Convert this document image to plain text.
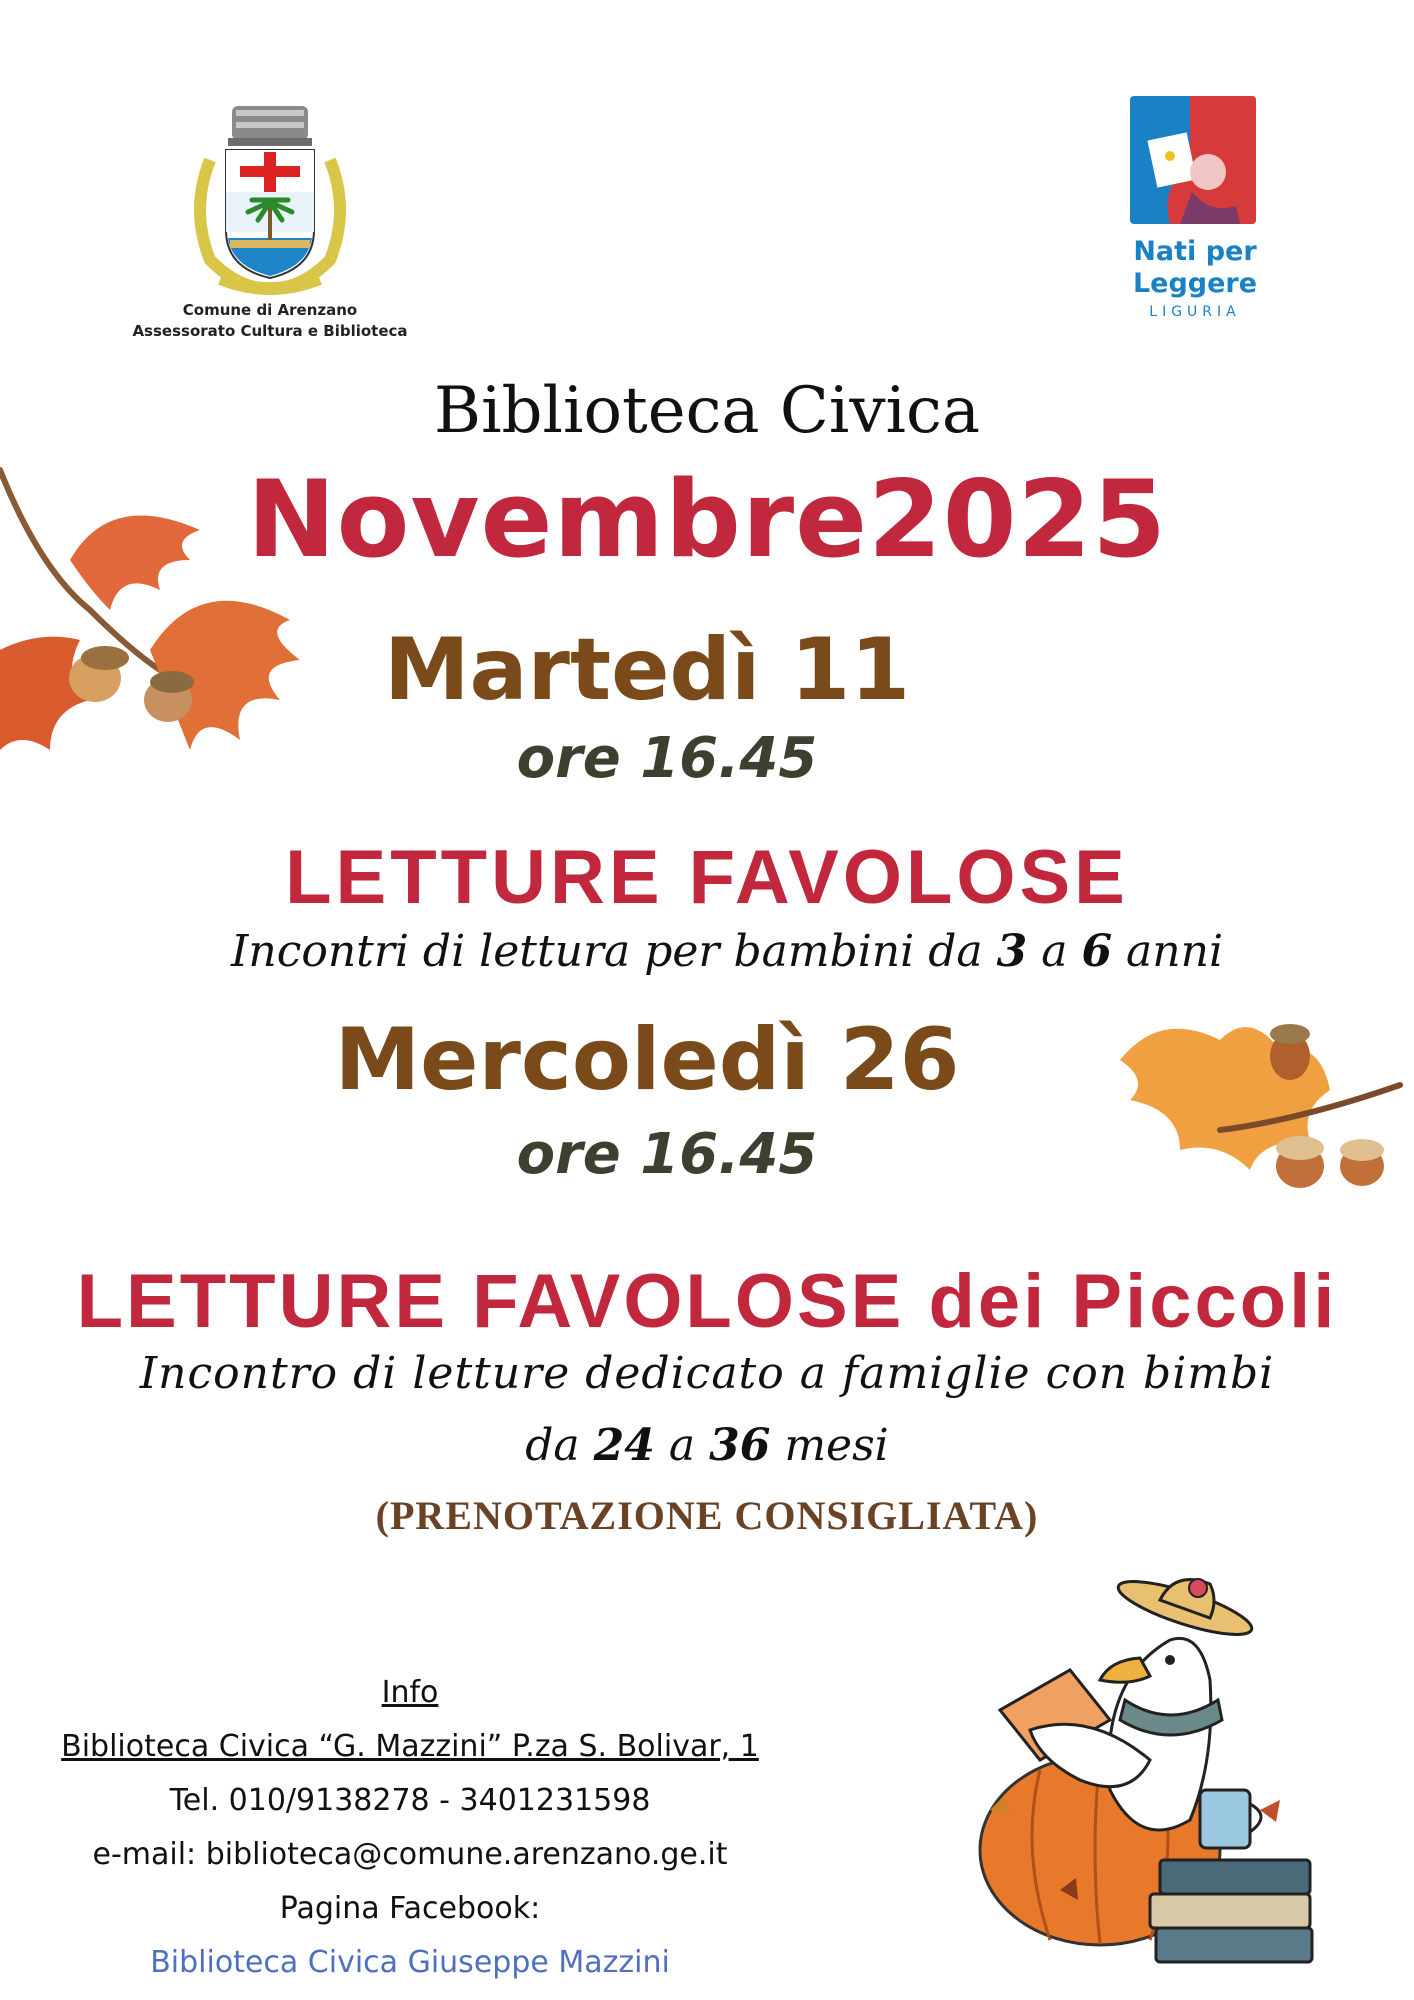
Comune di Arenzano
Assessorato Cultura e Biblioteca
Nati per
Leggere
LIGURIA
Biblioteca Civica
Novembre2025
Martedì 11
ore 16.45
LETTURE FAVOLOSE
Incontri di lettura per bambini da 3 a 6 anni
Mercoledì 26
ore 16.45
LETTURE FAVOLOSE dei Piccoli
Incontro di letture dedicato a famiglie con bimbi
da 24 a 36 mesi
(PRENOTAZIONE CONSIGLIATA)
Info
Biblioteca Civica “G. Mazzini” P.za S. Bolivar, 1
Tel. 010/9138278 - 3401231598
e-mail: biblioteca@comune.arenzano.ge.it
Pagina Facebook:
Biblioteca Civica Giuseppe Mazzini
